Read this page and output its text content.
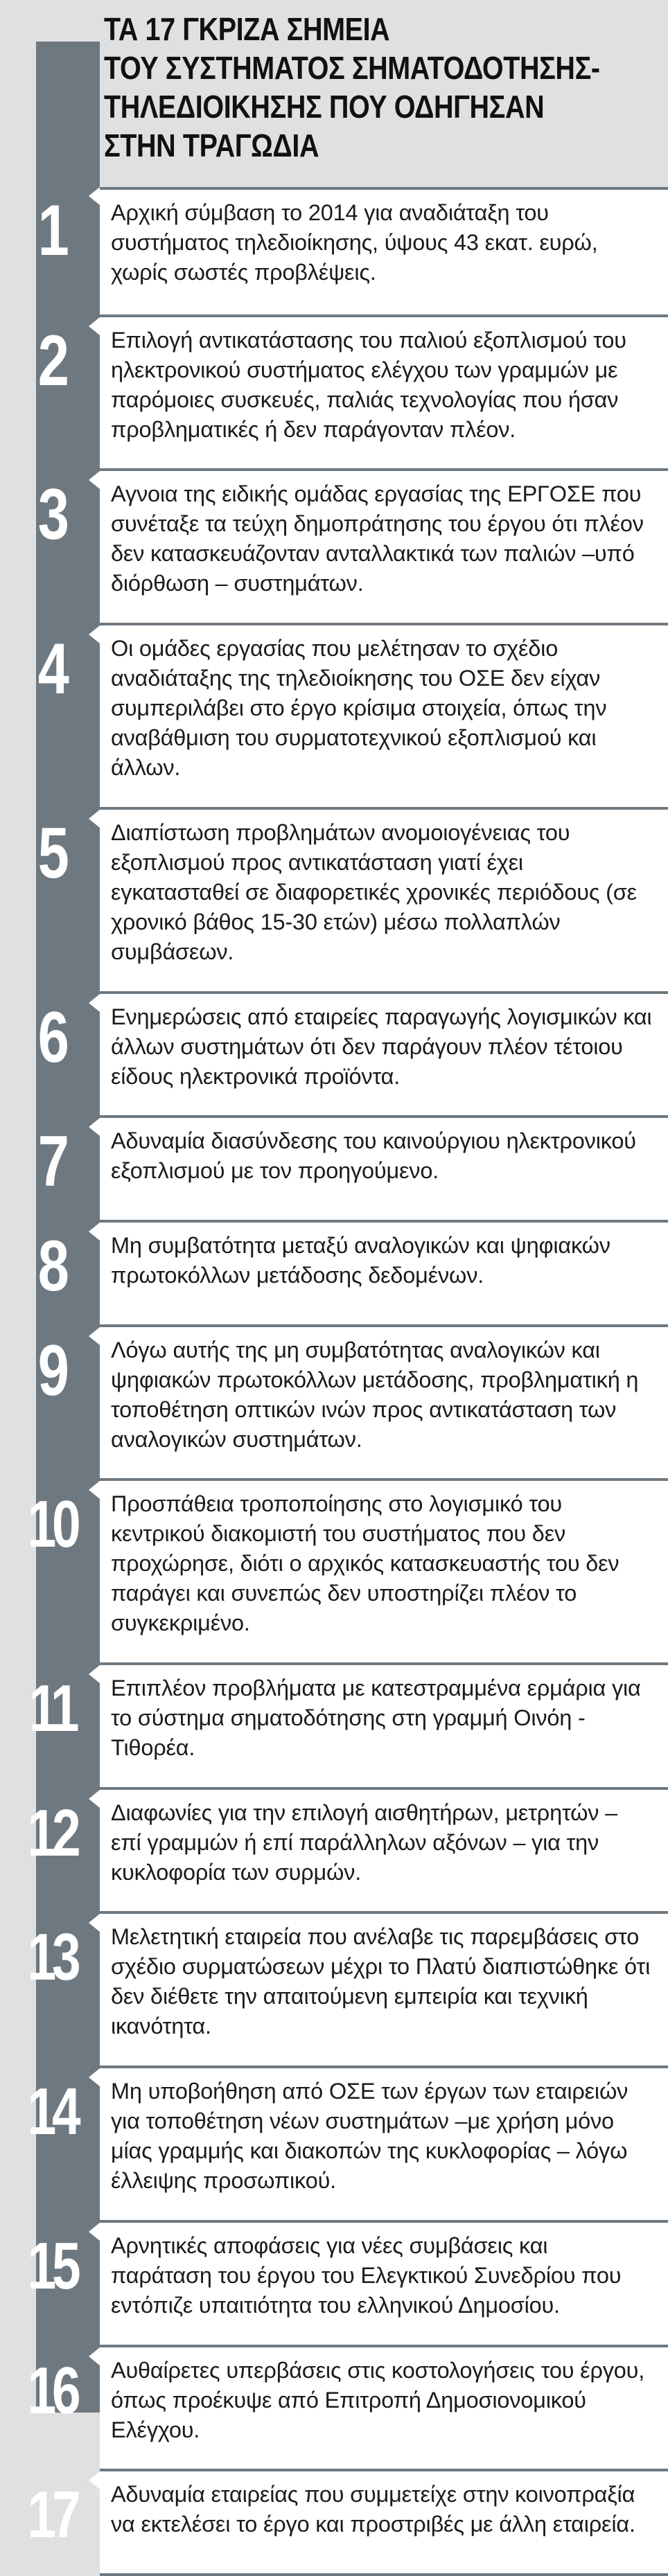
ΤΑ 17 ΓΚΡΙΖΑ ΣΗΜΕΙΑ
ΤΟΥ ΣΥΣΤΗΜΑΤΟΣ ΣΗΜΑΤΟΔΟΤΗΣΗΣ-
ΤΗΛΕΔΙΟΙΚΗΣΗΣ ΠΟΥ ΟΔΗΓΗΣΑΝ
ΣΤΗΝ ΤΡΑΓΩΔΙΑ
1	Αρχική σύμβαση το 2014 για αναδιάταξη του συστήματος τηλεδιοίκησης, ύψους 43 εκατ. ευρώ, χωρίς σωστές προβλέψεις.

2	Επιλογή αντικατάστασης του παλιού εξοπλισμού του ηλεκτρονικού συστήματος ελέγχου των γραμμών με παρόμοιες συσκευές, παλιάς τεχνολογίας που ήσαν προβληματικές ή δεν παράγονταν πλέον.

3	Αγνοια της ειδικής ομάδας εργασίας της ΕΡΓΟΣΕ που συνέταξε τα τεύχη δημοπράτησης του έργου ότι πλέον δεν κατασκευάζονταν ανταλλακτικά των παλιών –υπό διόρθωση – συστημάτων.

4	Οι ομάδες εργασίας που μελέτησαν το σχέδιο αναδιάταξης της τηλεδιοίκησης του ΟΣΕ δεν είχαν συμπεριλάβει στο έργο κρίσιμα στοιχεία, όπως την αναβάθμιση του συρματοτεχνικού εξοπλισμού και άλλων.

5	Διαπίστωση προβλημάτων ανομοιογένειας του εξοπλισμού προς αντικατάσταση γιατί έχει εγκατασταθεί σε διαφορετικές χρονικές περιόδους (σε χρονικό βάθος 15-30 ετών) μέσω πολλαπλών συμβάσεων.

6	Ενημερώσεις από εταιρείες παραγωγής λογισμικών και άλλων συστημάτων ότι δεν παράγουν πλέον τέτοιου είδους ηλεκτρονικά προϊόντα.

7	Αδυναμία διασύνδεσης του καινούργιου ηλεκτρονικού εξοπλισμού με τον προηγούμενο.

8	Μη συμβατότητα μεταξύ αναλογικών και ψηφιακών πρωτοκόλλων μετάδοσης δεδομένων.

9	Λόγω αυτής της μη συμβατότητας αναλογικών και ψηφιακών πρωτοκόλλων μετάδοσης, προβληματική η τοποθέτηση οπτικών ινών προς αντικατάσταση των αναλογικών συστημάτων.

10	Προσπάθεια τροποποίησης στο λογισμικό του κεντρικού διακομιστή του συστήματος που δεν προχώρησε, διότι ο αρχικός κατασκευαστής του δεν παράγει και συνεπώς δεν υποστηρίζει πλέον το συγκεκριμένο.

11	Επιπλέον προβλήματα με κατεστραμμένα ερμάρια για το σύστημα σηματοδότησης στη γραμμή Οινόη - Τιθορέα.

12	Διαφωνίες για την επιλογή αισθητήρων, μετρητών – επί γραμμών ή επί παράλληλων αξόνων – για την κυκλοφορία των συρμών.

13	Μελετητική εταιρεία που ανέλαβε τις παρεμβάσεις στο σχέδιο συρματώσεων μέχρι το Πλατύ διαπιστώθηκε ότι δεν διέθετε την απαιτούμενη εμπειρία και τεχνική ικανότητα.

14	Μη υποβοήθηση από ΟΣΕ των έργων των εταιρειών για τοποθέτηση νέων συστημάτων –με χρήση μόνο μίας γραμμής και διακοπών της κυκλοφορίας – λόγω έλλειψης προσωπικού.

15	Αρνητικές αποφάσεις για νέες συμβάσεις και παράταση του έργου του Ελεγκτικού Συνεδρίου που εντόπιζε υπαιτιότητα του ελληνικού Δημοσίου.

16	Αυθαίρετες υπερβάσεις στις κοστολογήσεις του έργου, όπως προέκυψε από Επιτροπή Δημοσιονομικού Ελέγχου.

17	Αδυναμία εταιρείας που συμμετείχε στην κοινοπραξία να εκτελέσει το έργο και προστριβές με άλλη εταιρεία.
